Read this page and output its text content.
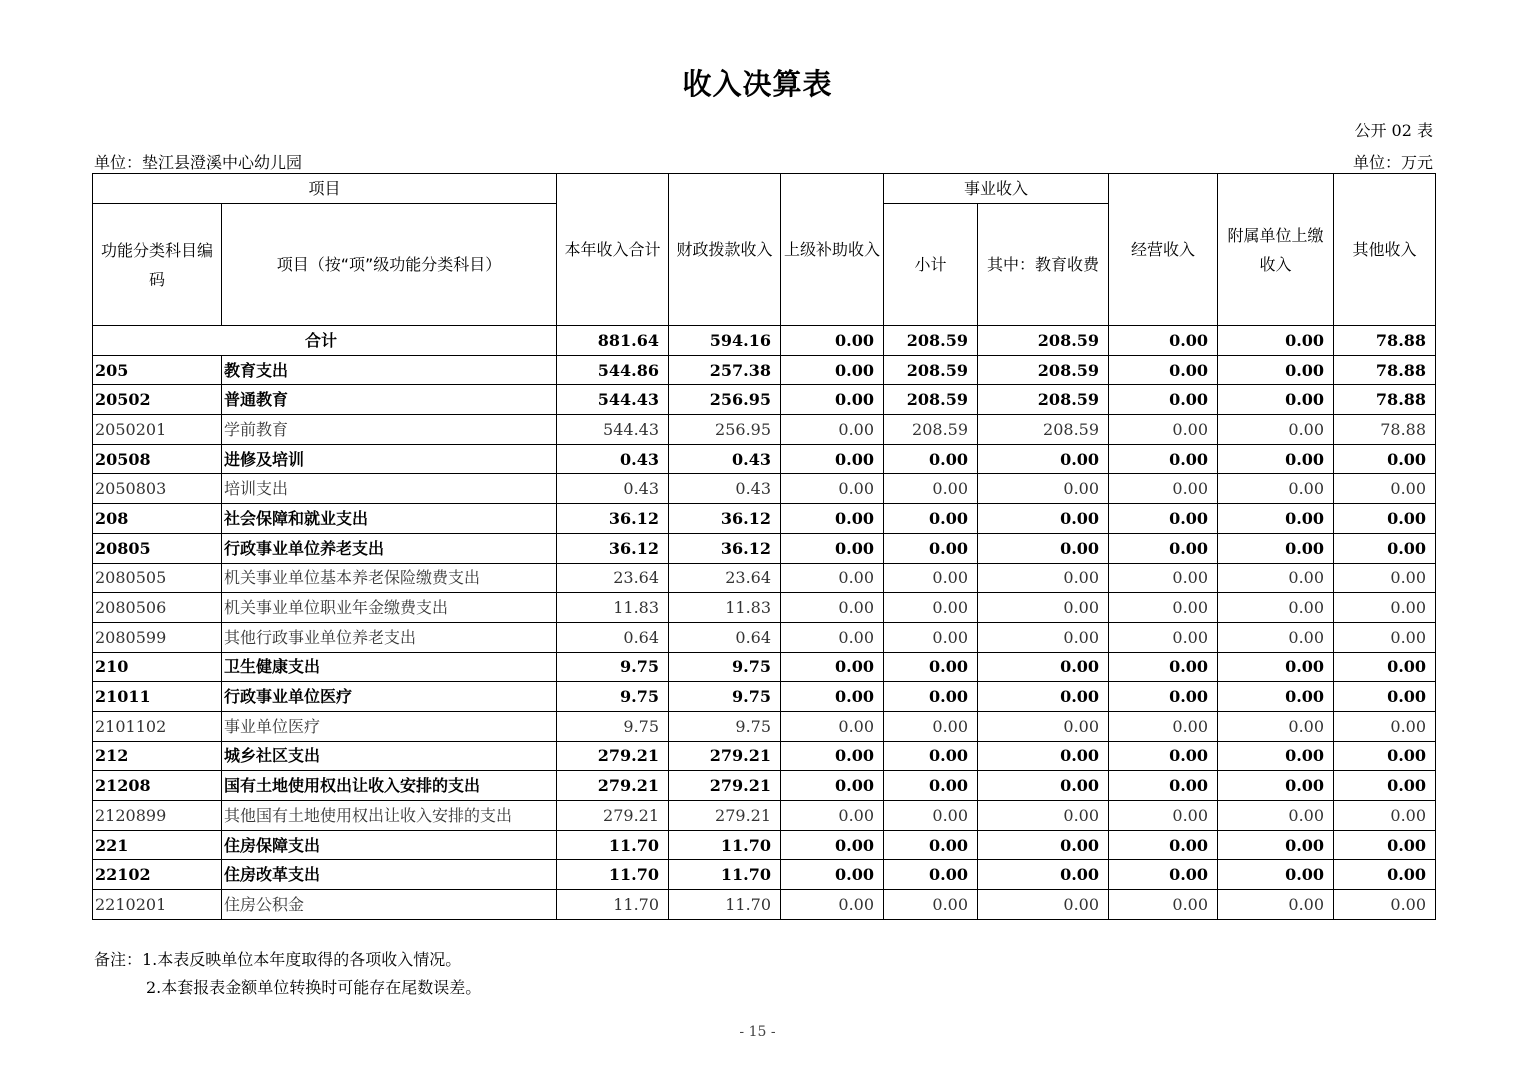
收入决算表
公开 02 表
单位：垫江县澄溪中心幼儿园	单位：万元
项目		本年收入合计	财政拨款收入	上级补助收入	事业收入		经营收入	附属单位上缴收入	其他收入
功能分类科目编码	项目（按“项”级功能分类科目）				小计	其中：教育收费			
合计		881.64	594.16	0.00	208.59	208.59	0.00	0.00	78.88
205	教育支出	544.86	257.38	0.00	208.59	208.59	0.00	0.00	78.88
20502	普通教育	544.43	256.95	0.00	208.59	208.59	0.00	0.00	78.88
2050201	学前教育	544.43	256.95	0.00	208.59	208.59	0.00	0.00	78.88
20508	进修及培训	0.43	0.43	0.00	0.00	0.00	0.00	0.00	0.00
2050803	培训支出	0.43	0.43	0.00	0.00	0.00	0.00	0.00	0.00
208	社会保障和就业支出	36.12	36.12	0.00	0.00	0.00	0.00	0.00	0.00
20805	行政事业单位养老支出	36.12	36.12	0.00	0.00	0.00	0.00	0.00	0.00
2080505	机关事业单位基本养老保险缴费支出	23.64	23.64	0.00	0.00	0.00	0.00	0.00	0.00
2080506	机关事业单位职业年金缴费支出	11.83	11.83	0.00	0.00	0.00	0.00	0.00	0.00
2080599	其他行政事业单位养老支出	0.64	0.64	0.00	0.00	0.00	0.00	0.00	0.00
210	卫生健康支出	9.75	9.75	0.00	0.00	0.00	0.00	0.00	0.00
21011	行政事业单位医疗	9.75	9.75	0.00	0.00	0.00	0.00	0.00	0.00
2101102	事业单位医疗	9.75	9.75	0.00	0.00	0.00	0.00	0.00	0.00
212	城乡社区支出	279.21	279.21	0.00	0.00	0.00	0.00	0.00	0.00
21208	国有土地使用权出让收入安排的支出	279.21	279.21	0.00	0.00	0.00	0.00	0.00	0.00
2120899	其他国有土地使用权出让收入安排的支出	279.21	279.21	0.00	0.00	0.00	0.00	0.00	0.00
221	住房保障支出	11.70	11.70	0.00	0.00	0.00	0.00	0.00	0.00
22102	住房改革支出	11.70	11.70	0.00	0.00	0.00	0.00	0.00	0.00
2210201	住房公积金	11.70	11.70	0.00	0.00	0.00	0.00	0.00	0.00
备注：1.本表反映单位本年度取得的各项收入情况。
2.本套报表金额单位转换时可能存在尾数误差。
- 15 -
